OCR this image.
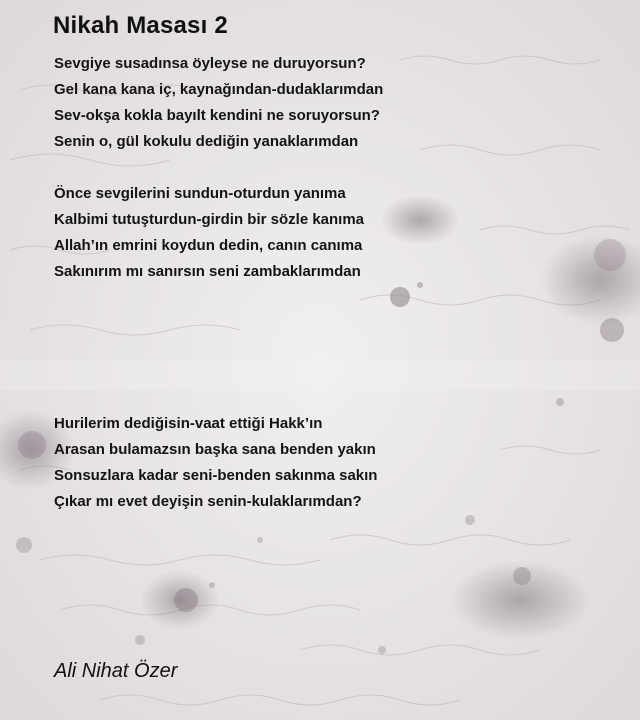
Nikah Masası 2
Sevgiye susadınsa öyleyse ne duruyorsun?
Gel kana kana iç, kaynağından-dudaklarımdan
Sev-okşa kokla bayılt kendini ne soruyorsun?
Senin o, gül kokulu dediğin yanaklarımdan
Önce sevgilerini sundun-oturdun yanıma
Kalbimi tutuşturdun-girdin bir sözle kanıma
Allah’ın emrini koydun dedin, canın canıma
Sakınırım mı sanırsın seni zambaklarımdan
Hurilerim dediğisin-vaat ettiği Hakk’ın
Arasan bulamazsın başka sana benden yakın
Sonsuzlara kadar seni-benden sakınma sakın
Çıkar mı evet deyişin senin-kulaklarımdan?

Ali Nihat Özer
